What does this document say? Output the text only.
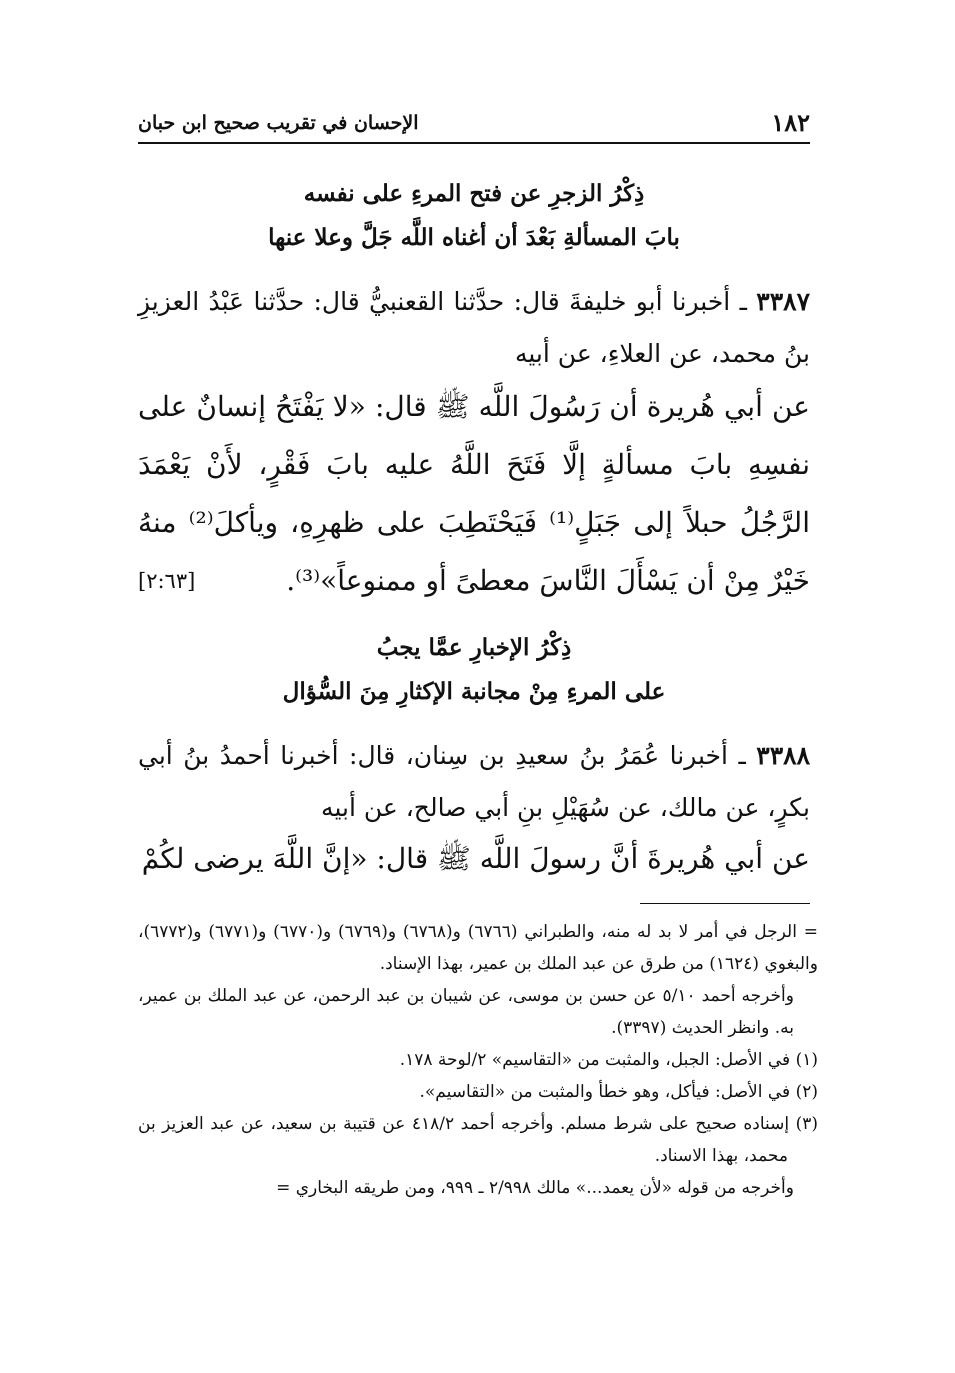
١٨٢
الإحسان في تقريب صحيح ابن حبان
ذِكْرُ الزجرِ عن فتح المرءِ على نفسه
بابَ المسألةِ بَعْدَ أن أغناه اللَّه جَلَّ وعلا عنها
٣٣٨٧ ـ أخبرنا أبو خليفةَ قال: حدَّثنا القعنبيُّ قال: حدَّثنا عَبْدُ العزيزِ بنُ محمد، عن العلاءِ، عن أبيه
عن أبي هُريرة أن رَسُولَ اللَّه ﷺ قال: «لا يَفْتَحُ إنسانٌ على نفسِهِ بابَ مسألةٍ إلَّا فَتَحَ اللَّهُ عليه بابَ فَقْرٍ، لأَنْ يَعْمَدَ الرَّجُلُ حبلاً إلى جَبَلٍ⁽¹⁾ فَيَحْتَطِبَ على ظهرِهِ، ويأكلَ⁽²⁾ منهُ خَيْرٌ مِنْ أن يَسْأَلَ النَّاسَ معطىً أو ممنوعاً»⁽³⁾.
[٢:٦٣]
ذِكْرُ الإخبارِ عمَّا يجبُ
على المرءِ مِنْ مجانبة الإكثارِ مِنَ السُّؤال
٣٣٨٨ ـ أخبرنا عُمَرُ بنُ سعيدِ بن سِنان، قال: أخبرنا أحمدُ بنُ أبي بكرٍ، عن مالك، عن سُهَيْلِ بنِ أبي صالح، عن أبيه
عن أبي هُريرةَ أنَّ رسولَ اللَّه ﷺ قال: «إنَّ اللَّهَ يرضى لكُمْ

= الرجل في أمر لا بد له منه، والطبراني (٦٧٦٦) و(٦٧٦٨) و(٦٧٦٩) و(٦٧٧٠) و(٦٧٧١) و(٦٧٧٢)، والبغوي (١٦٢٤) من طرق عن عبد الملك بن عمير، بهذا الإسناد.

وأخرجه أحمد ٥/١٠ عن حسن بن موسى، عن شيبان بن عبد الرحمن، عن عبد الملك بن عمير، به. وانظر الحديث (٣٣٩٧).

(١) في الأصل: الجبل، والمثبت من «التقاسيم» ٢/لوحة ١٧٨.

(٢) في الأصل: فيأكل، وهو خطأ والمثبت من «التقاسيم».

(٣) إسناده صحيح على شرط مسلم. وأخرجه أحمد ٤١٨/٢ عن قتيبة بن سعيد، عن عبد العزيز بن محمد، بهذا الاسناد.

وأخرجه من قوله «لأن يعمد...» مالك ٢/٩٩٨ ـ ٩٩٩، ومن طريقه البخاري =
